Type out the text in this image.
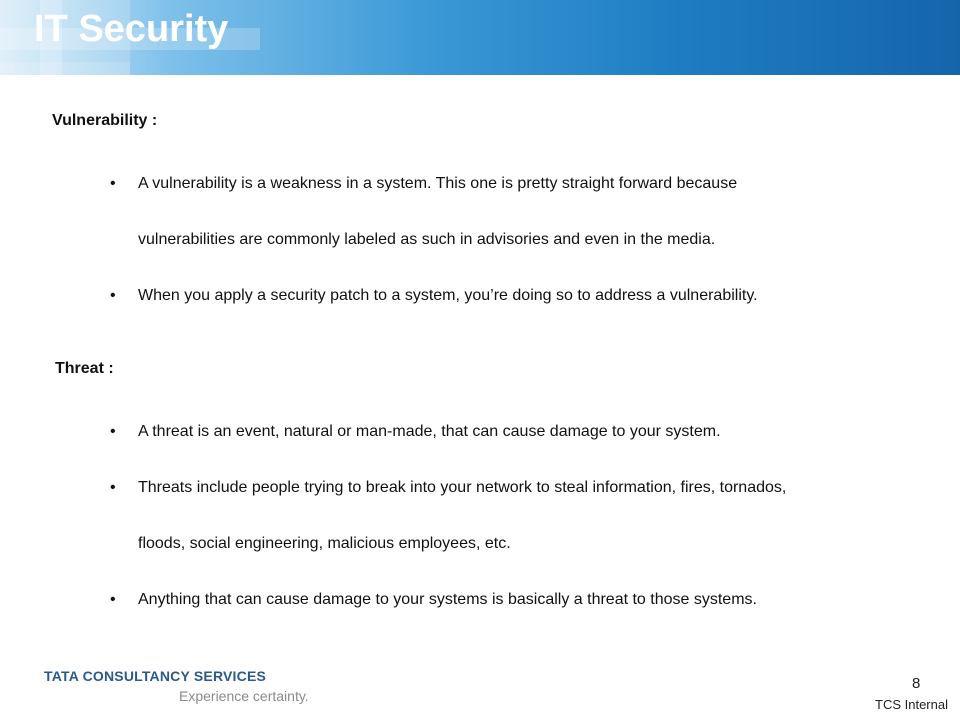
IT Security
Vulnerability :
• A vulnerability is a weakness in a system. This one is pretty straight forward because
vulnerabilities are commonly labeled as such in advisories and even in the media.
• When you apply a security patch to a system, you’re doing so to address a vulnerability.
Threat :
• A threat is an event, natural or man-made, that can cause damage to your system.
• Threats include people trying to break into your network to steal information, fires, tornados,
floods, social engineering, malicious employees, etc.
• Anything that can cause damage to your systems is basically a threat to those systems.
TATA CONSULTANCY SERVICES
Experience certainty.
8
TCS Internal
